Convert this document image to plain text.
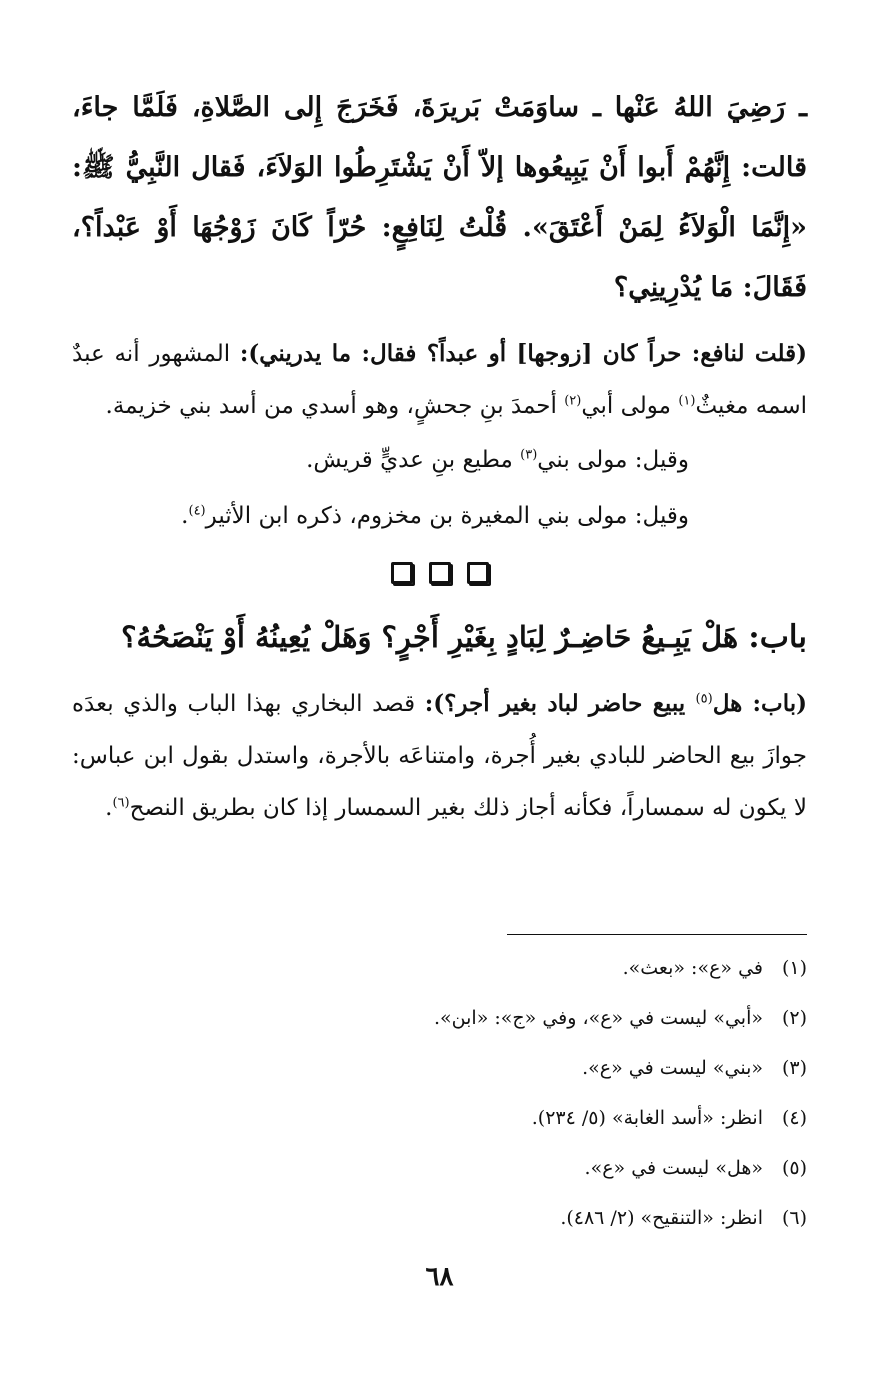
ـ رَضِيَ اللهُ عَنْها ـ ساوَمَتْ بَريرَةَ، فَخَرَجَ إِلى الصَّلاةِ، فَلَمَّا جاءَ، قالت: إِنَّهُمْ أَبوا أَنْ يَبِيعُوها إلاّ أَنْ يَشْتَرِطُوا الوَلاَءَ، فَقال النَّبِيُّ ﷺ: «إِنَّمَا الْوَلاَءُ لِمَنْ أَعْتَقَ». قُلْتُ لِنَافِعٍ: حُرّاً كَانَ زَوْجُهَا أَوْ عَبْداً؟، فَقَالَ: مَا يُدْرِينِي؟

(قلت لنافع: حراً كان [زوجها] أو عبداً؟ فقال: ما يدريني): المشهور أنه عبدٌ اسمه مغيثٌ$^{(١)}$ مولى أبي$^{(٢)}$ أحمدَ بنِ جحشٍ، وهو أسدي من أسد بني خزيمة.

وقيل: مولى بني$^{(٣)}$ مطيع بنِ عديٍّ قريش.

وقيل: مولى بني المغيرة بن مخزوم، ذكره ابن الأثير$^{(٤)}$.

باب: هَلْ يَبِـيعُ حَاضِـرٌ لِبَادٍ بِغَيْرِ أَجْرٍ؟ وَهَلْ يُعِينُهُ أَوْ يَنْصَحُهُ؟

(باب: هل$^{(٥)}$ يبيع حاضر لباد بغير أجر؟): قصد البخاري بهذا الباب والذي بعدَه جوازَ بيع الحاضر للبادي بغير أُجرة، وامتناعَه بالأجرة، واستدل بقول ابن عباس: لا يكون له سمساراً، فكأنه أجاز ذلك بغير السمسار إذا كان بطريق النصح$^{(٦)}$.

(١)في «ع»: «بعث».

(٢)«أبي» ليست في «ع»، وفي «ج»: «ابن».

(٣)«بني» ليست في «ع».

(٤)انظر: «أسد الغابة» (٥/ ٢٣٤).

(٥)«هل» ليست في «ع».

(٦)انظر: «التنقيح» (٢/ ٤٨٦).

٦٨
